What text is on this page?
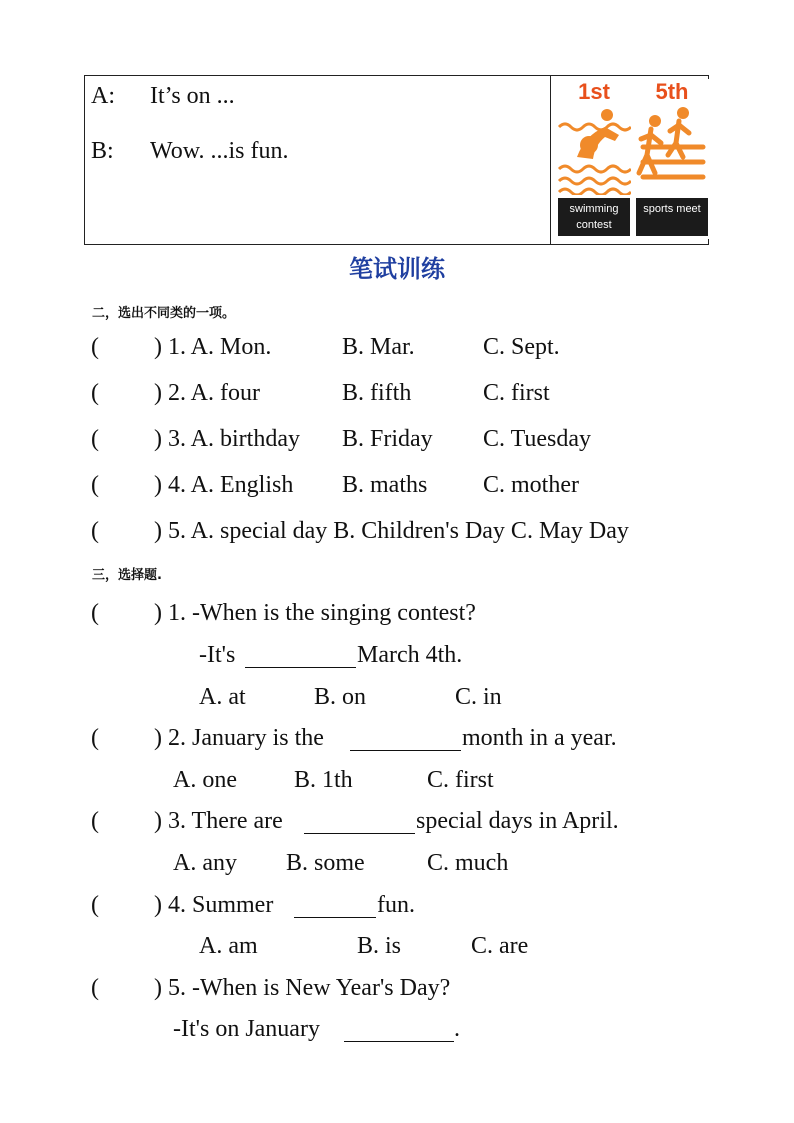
A: It’s on ...
B: Wow. ...is fun.
1st
swimming contest
5th
sports meet
笔试训练
二，选出不同类的一项。
( ) 1. A. Mon.	B. Mar.	C. Sept.
( ) 2. A. four	B. fifth	C. first
( ) 3. A. birthday B. Friday C. Tuesday
( ) 4. A. English B. maths C. mother
( ) 5. A. special day B. Children's Day C. May Day
三，选择题.
( ) 1. -When is the singing contest?
-It's	March 4th.
A. at	B. on	C. in
( ) 2. January is the	month in a year.
A. one B. 1th	C. first
( ) 3. There are	special days in April.
A. any B. some	C. much
( ) 4. Summer	fun.
A. am	B. is	C. are
( ) 5. -When is New Year's Day?
-It's on January	.
